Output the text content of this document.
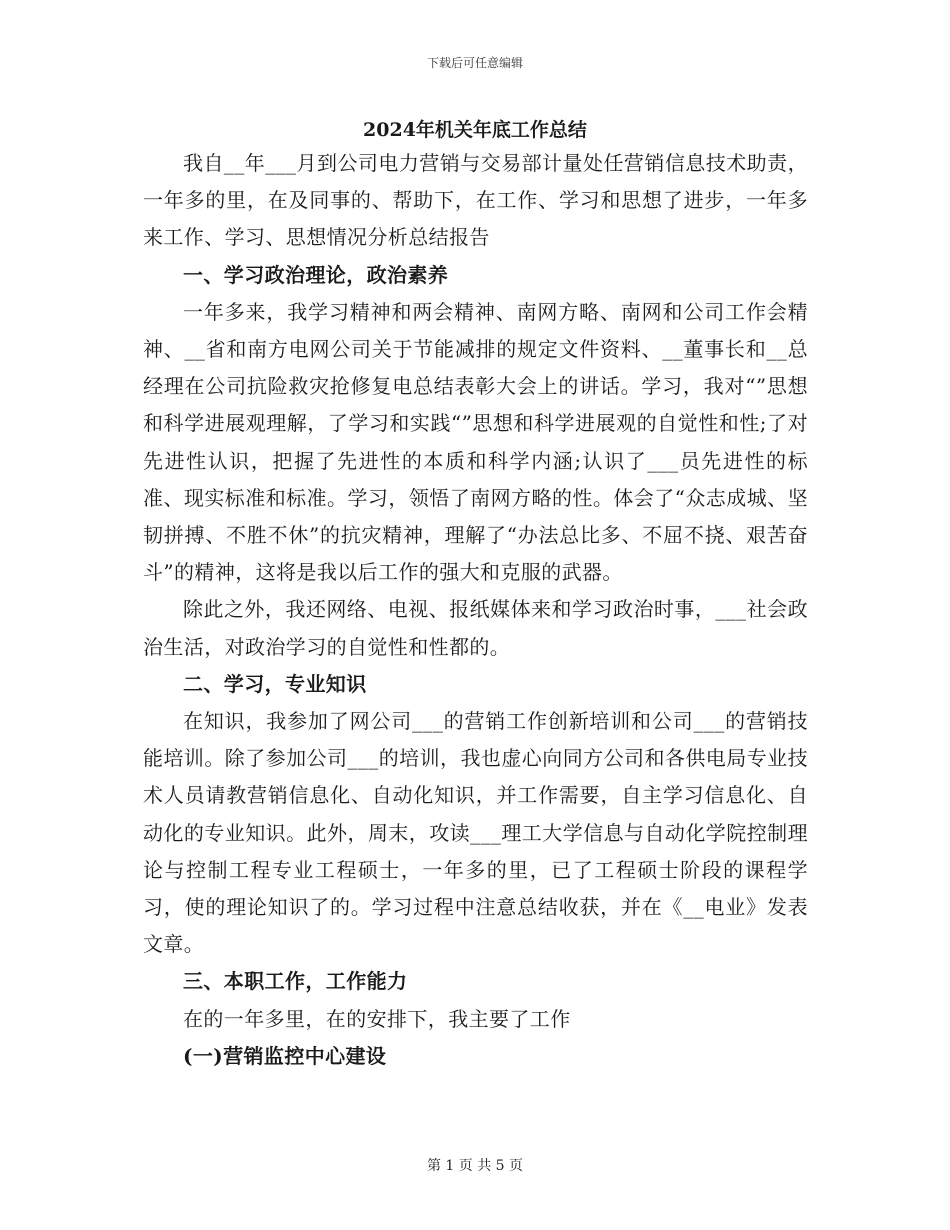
下载后可任意编辑
2024年机关年底工作总结

我自__年___月到公司电力营销与交易部计量处任营销信息技术助责，一年多的里，在及同事的、帮助下，在工作、学习和思想了进步，一年多来工作、学习、思想情况分析总结报告

一、学习政治理论，政治素养

一年多来，我学习精神和两会精神、南网方略、南网和公司工作会精神、__省和南方电网公司关于节能减排的规定文件资料、__董事长和__总经理在公司抗险救灾抢修复电总结表彰大会上的讲话。学习，我对“”思想和科学进展观理解，了学习和实践“”思想和科学进展观的自觉性和性;了对先进性认识，把握了先进性的本质和科学内涵;认识了___员先进性的标准、现实标准和标准。学习，领悟了南网方略的性。体会了“众志成城、坚韧拼搏、不胜不休”的抗灾精神，理解了“办法总比多、不屈不挠、艰苦奋斗”的精神，这将是我以后工作的强大和克服的武器。

除此之外，我还网络、电视、报纸媒体来和学习政治时事，___社会政治生活，对政治学习的自觉性和性都的。

二、学习，专业知识

在知识，我参加了网公司___的营销工作创新培训和公司___的营销技能培训。除了参加公司___的培训，我也虚心向同方公司和各供电局专业技术人员请教营销信息化、自动化知识，并工作需要，自主学习信息化、自动化的专业知识。此外，周末，攻读___理工大学信息与自动化学院控制理论与控制工程专业工程硕士，一年多的里，已了工程硕士阶段的课程学习，使的理论知识了的。学习过程中注意总结收获，并在《__电业》发表文章。

三、本职工作，工作能力

在的一年多里，在的安排下，我主要了工作

(一)营销监控中心建设
第 1 页 共 5 页
